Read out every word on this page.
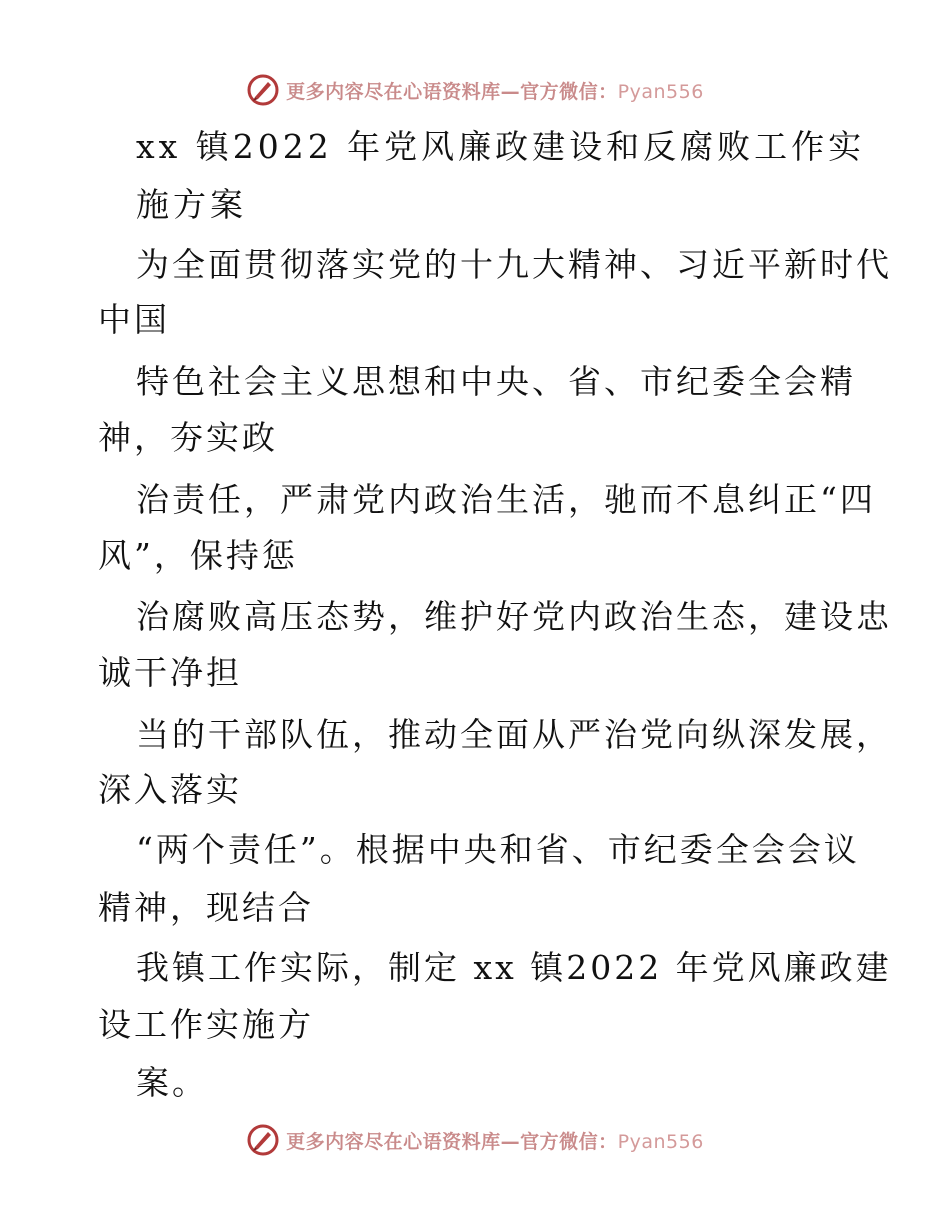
更多内容尽在心语资料库—官方微信：Pyan556
xx 镇2022 年党风廉政建设和反腐败工作实
施方案
为全面贯彻落实党的十九大精神、习近平新时代
中国
特色社会主义思想和中央、省、市纪委全会精
神，夯实政
治责任，严肃党内政治生活，驰而不息纠正“四
风”，保持惩
治腐败高压态势，维护好党内政治生态，建设忠
诚干净担
当的干部队伍，推动全面从严治党向纵深发展，
深入落实
“两个责任”。根据中央和省、市纪委全会会议
精神，现结合
我镇工作实际，制定 xx 镇2022 年党风廉政建
设工作实施方
案。
更多内容尽在心语资料库—官方微信：Pyan556
